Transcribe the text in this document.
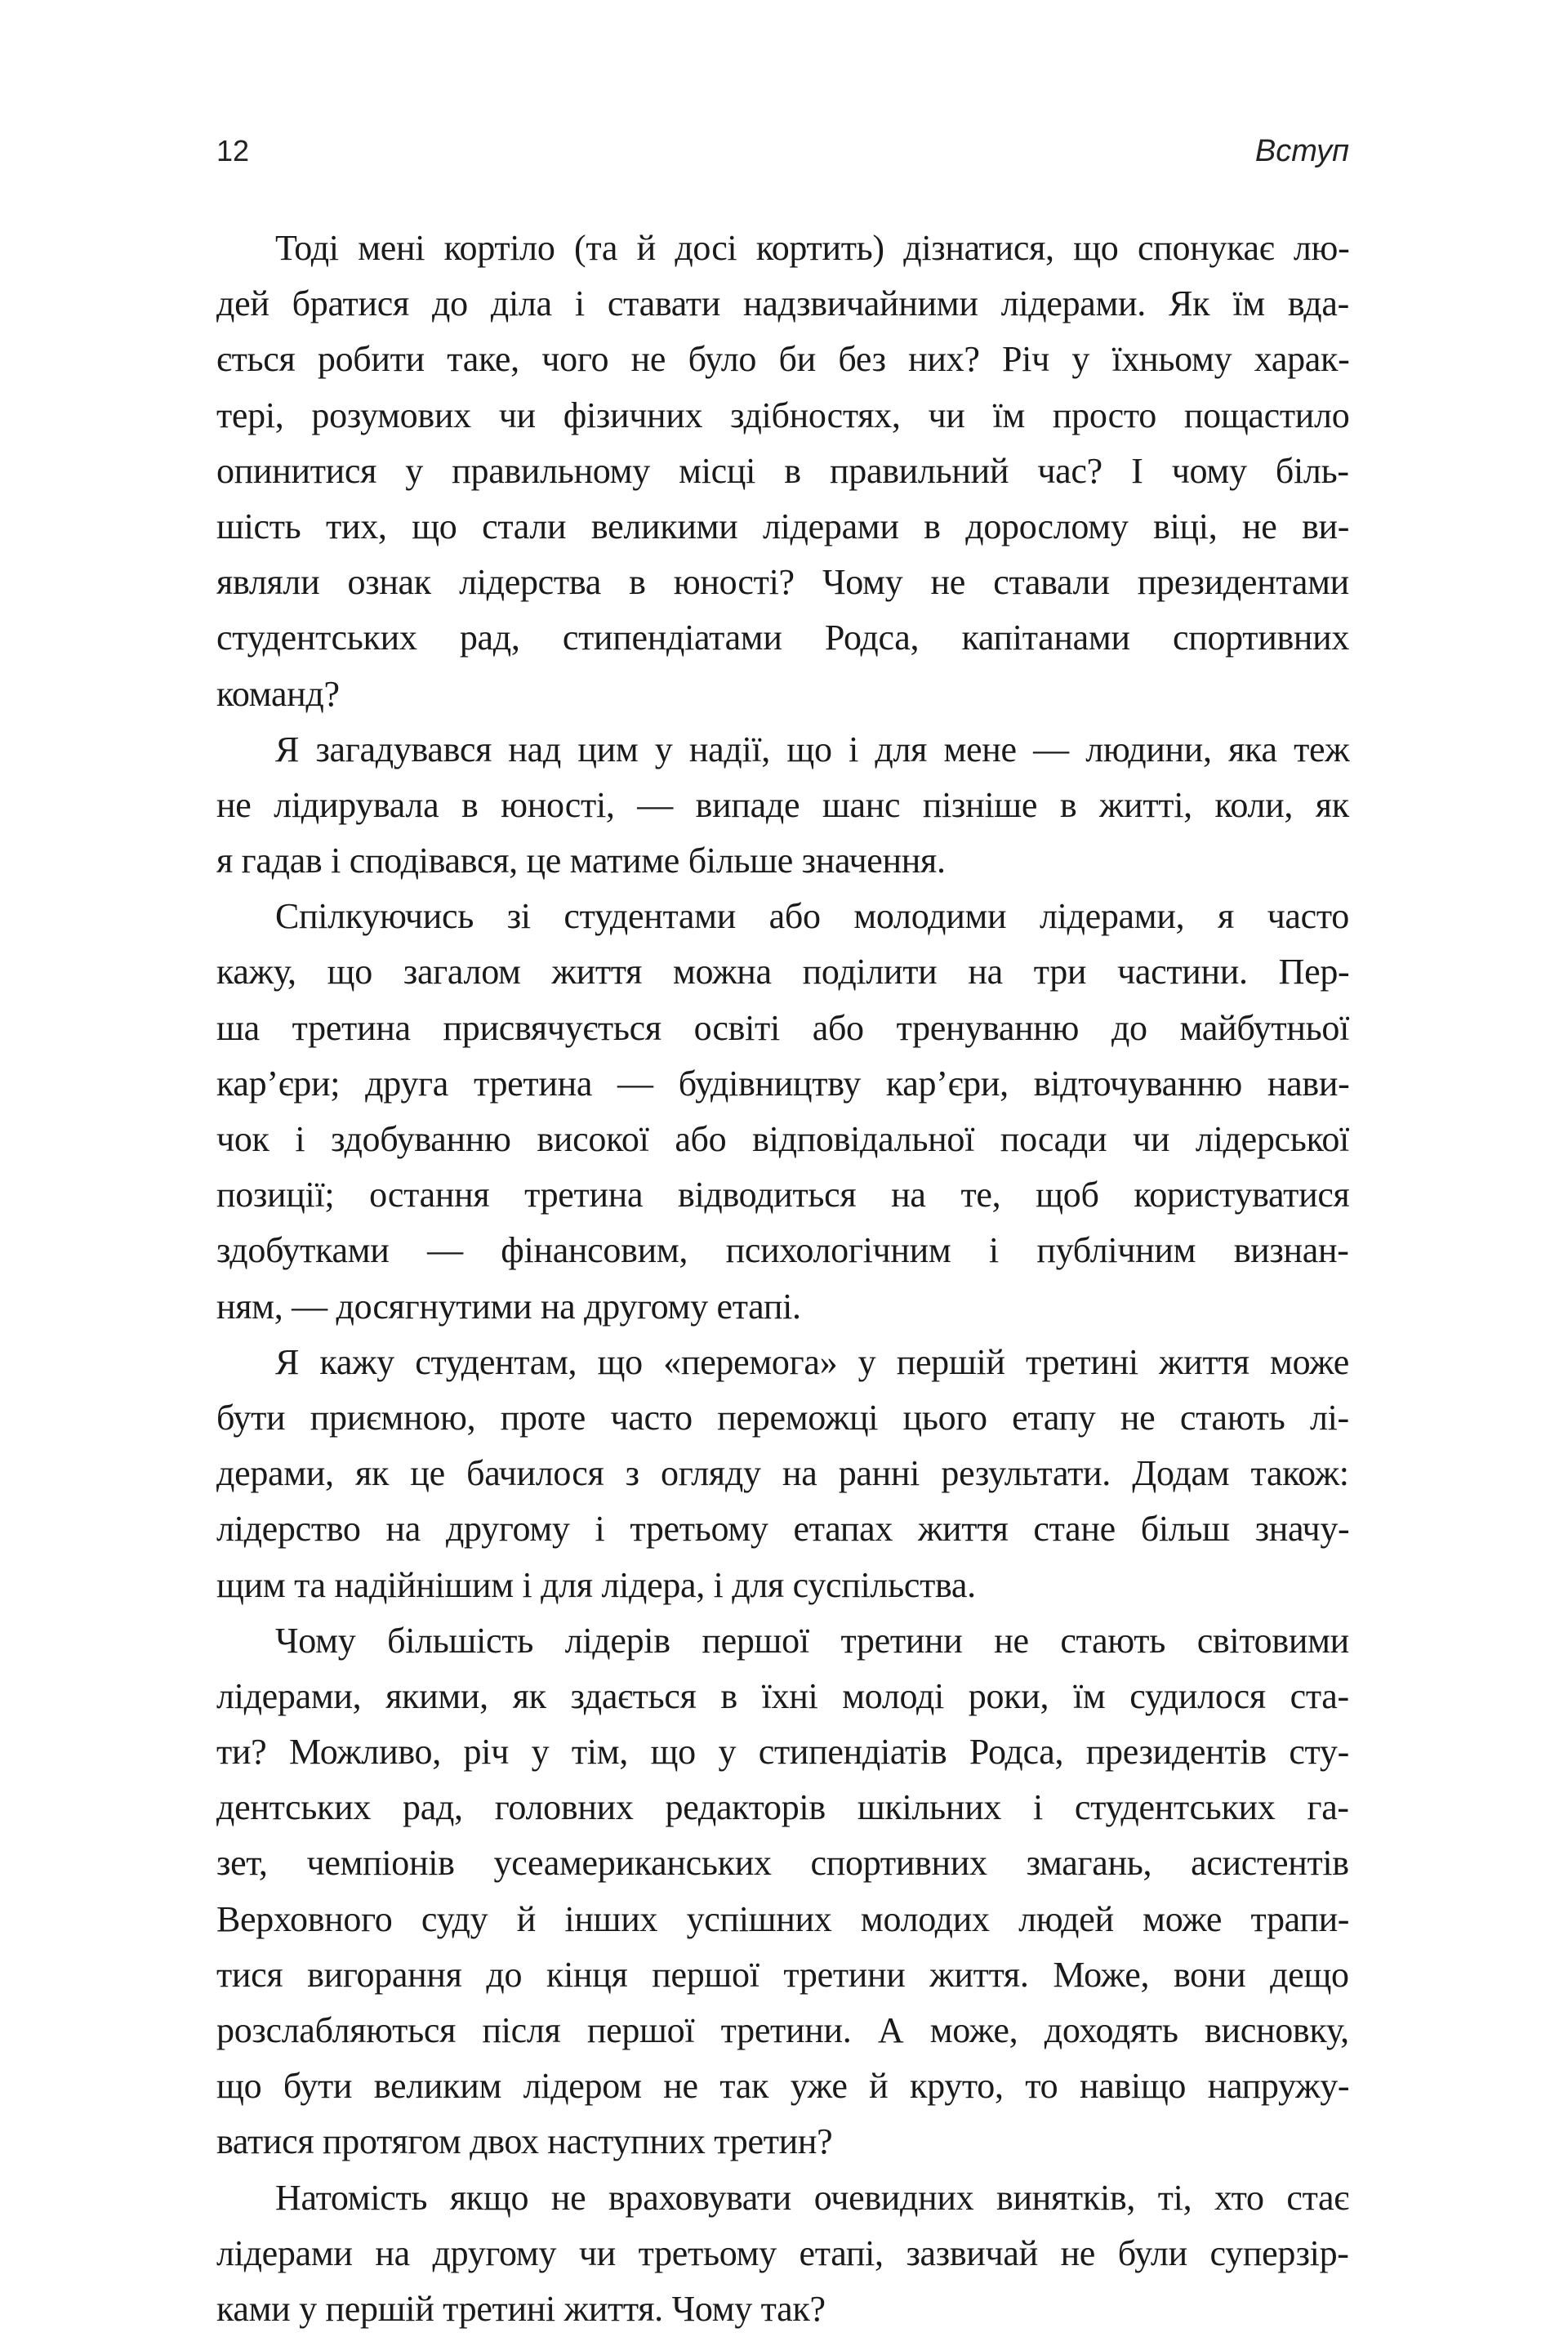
12	Вступ
Тоді мені кортіло (та й досі кортить) дізнатися, що спонукає лю-
дей братися до діла і ставати надзвичайними лідерами. Як їм вда-
ється робити таке, чого не було би без них? Річ у їхньому харак-
тері, розумових чи фізичних здібностях, чи їм просто пощастило
опинитися у правильному місці в правильний час? І чому біль-
шість тих, що стали великими лідерами в дорослому віці, не ви-
являли ознак лідерства в юності? Чому не ставали президентами
студентських рад, стипендіатами Родса, капітанами спортивних
команд?
Я загадувався над цим у надії, що і для мене — людини, яка теж
не лідирувала в юності, — випаде шанс пізніше в житті, коли, як
я гадав і сподівався, це матиме більше значення.
Спілкуючись зі студентами або молодими лідерами, я часто
кажу, що загалом життя можна поділити на три частини. Пер-
ша третина присвячується освіті або тренуванню до майбутньої
кар’єри; друга третина — будівництву кар’єри, відточуванню нави-
чок і здобуванню високої або відповідальної посади чи лідерської
позиції; остання третина відводиться на те, щоб користуватися
здобутками — фінансовим, психологічним і публічним визнан-
ням, — досягнутими на другому етапі.
Я кажу студентам, що «перемога» у першій третині життя може
бути приємною, проте часто переможці цього етапу не стають лі-
дерами, як це бачилося з огляду на ранні результати. Додам також:
лідерство на другому і третьому етапах життя стане більш значу-
щим та надійнішим і для лідера, і для суспільства.
Чому більшість лідерів першої третини не стають світовими
лідерами, якими, як здається в їхні молоді роки, їм судилося ста-
ти? Можливо, річ у тім, що у стипендіатів Родса, президентів сту-
дентських рад, головних редакторів шкільних і студентських га-
зет, чемпіонів усеамериканських спортивних змагань, асистентів
Верховного суду й інших успішних молодих людей може трапи-
тися вигорання до кінця першої третини життя. Може, вони дещо
розслабляються після першої третини. А може, доходять висновку,
що бути великим лідером не так уже й круто, то навіщо напружу-
ватися протягом двох наступних третин?
Натомість якщо не враховувати очевидних винятків, ті, хто стає
лідерами на другому чи третьому етапі, зазвичай не були суперзір-
ками у першій третині життя. Чому так?
